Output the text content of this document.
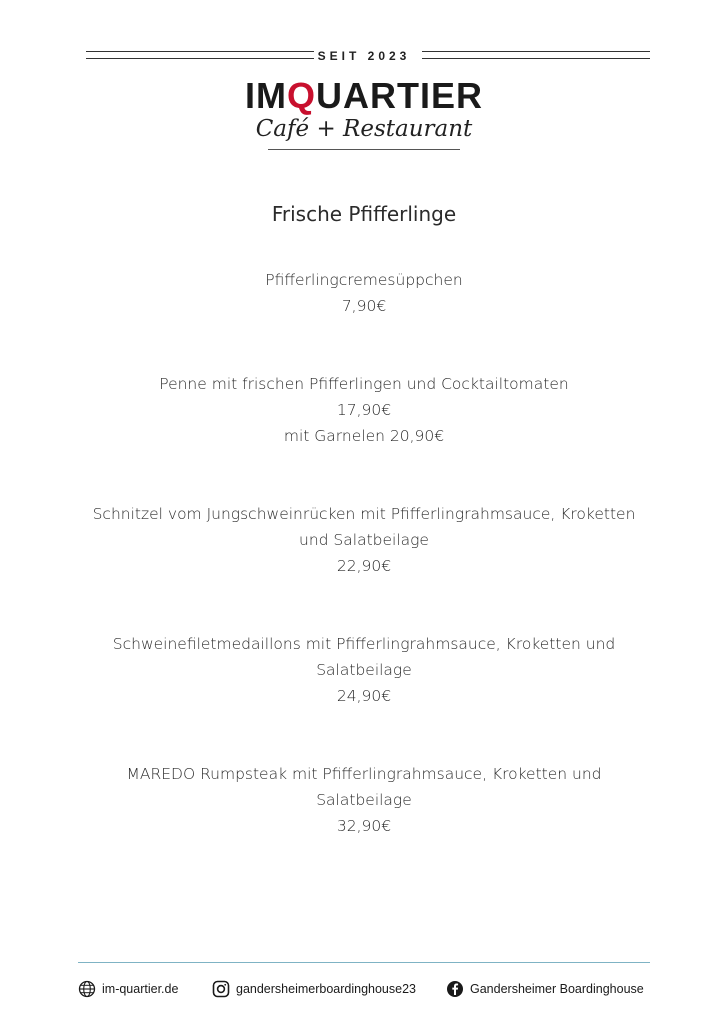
SEIT 2023
IMQUARTIER
Café + Restaurant
Frische Pfifferlinge

Pfifferlingcremesüppchen

7,90€

Penne mit frischen Pfifferlingen und Cocktailtomaten

17,90€

mit Garnelen 20,90€

Schnitzel vom Jungschweinrücken mit Pfifferlingrahmsauce, Kroketten

und Salatbeilage

22,90€

Schweinefiletmedaillons mit Pfifferlingrahmsauce, Kroketten und

Salatbeilage

24,90€

MAREDO Rumpsteak mit Pfifferlingrahmsauce, Kroketten und

Salatbeilage

32,90€

im-quartier.de	gandersheimerboardinghouse23	Gandersheimer Boardinghouse
